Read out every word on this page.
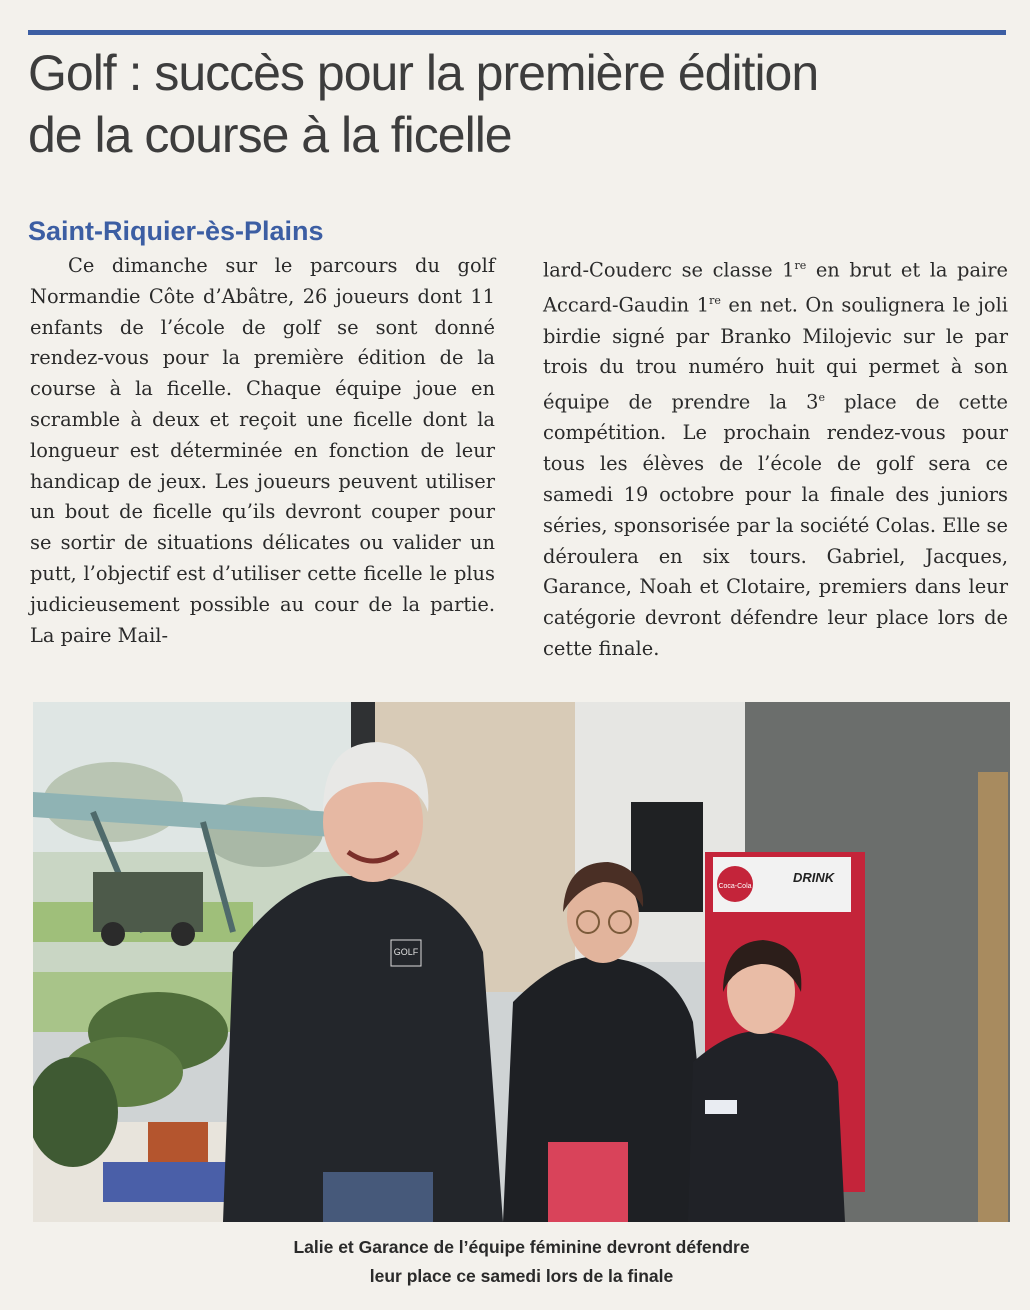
Golf : succès pour la première édition
de la course à la ficelle
Saint-Riquier-ès-Plains

Ce dimanche sur le parcours du golf Normandie Côte d’Abâtre, 26 joueurs dont 11 enfants de l’école de golf se sont donné rendez-vous pour la première édition de la course à la ficelle. Chaque équipe joue en scramble à deux et reçoit une ficelle dont la longueur est déterminée en fonction de leur handicap de jeux. Les joueurs peuvent utiliser un bout de ficelle qu’ils devront couper pour se sortir de situations délicates ou valider un putt, l’objectif est d’utiliser cette ficelle le plus judicieusement possible au cour de la partie. La paire Mail-

lard-Couderc se classe 1re en brut et la paire Accard-Gaudin 1re en net. On soulignera le joli birdie signé par Branko Milojevic sur le par trois du trou numéro huit qui permet à son équipe de prendre la 3e place de cette compétition. Le prochain rendez-vous pour tous les élèves de l’école de golf sera ce samedi 19 octobre pour la finale des juniors séries, sponsorisée par la société Colas. Elle se déroulera en six tours. Gabriel, Jacques, Garance, Noah et Clotaire, premiers dans leur catégorie devront défendre leur place lors de cette finale.

Coca-Cola
DRINK
GOLF
Lalie et Garance de l’équipe féminine devront défendre
leur place ce samedi lors de la finale
